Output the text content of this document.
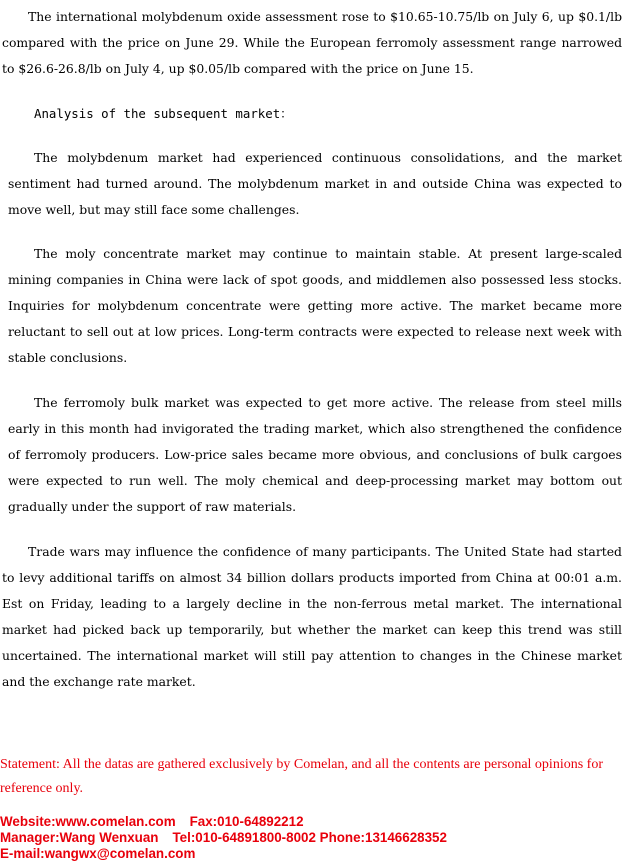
The international molybdenum oxide assessment rose to $10.65-10.75/lb on July 6, up $0.1/lb compared with the price on June 29. While the European ferromoly assessment range narrowed to $26.6-26.8/lb on July 4, up $0.05/lb compared with the price on June 15.

Analysis of the subsequent market：

The molybdenum market had experienced continuous consolidations, and the market sentiment had turned around. The molybdenum market in and outside China was expected to move well, but may still face some challenges.

The moly concentrate market may continue to maintain stable. At present large-scaled mining companies in China were lack of spot goods, and middlemen also possessed less stocks. Inquiries for molybdenum concentrate were getting more active. The market became more reluctant to sell out at low prices. Long-term contracts were expected to release next week with stable conclusions.

The ferromoly bulk market was expected to get more active. The release from steel mills early in this month had invigorated the trading market, which also strengthened the confidence of ferromoly producers. Low-price sales became more obvious, and conclusions of bulk cargoes were expected to run well. The moly chemical and deep-processing market may bottom out gradually under the support of raw materials.

Trade wars may influence the confidence of many participants. The United State had started to levy additional tariffs on almost 34 billion dollars products imported from China at 00:01 a.m. Est on Friday, leading to a largely decline in the non-ferrous metal market. The international market had picked back up temporarily, but whether the market can keep this trend was still uncertained. The international market will still pay attention to changes in the Chinese market and the exchange rate market.

Statement: All the datas are gathered exclusively by Comelan, and all the contents are personal opinions for reference only.

Website:www.comelan.com Fax:010-64892212

Manager:Wang Wenxuan Tel:010-64891800-8002 Phone:13146628352

E-mail:wangwx@comelan.com
